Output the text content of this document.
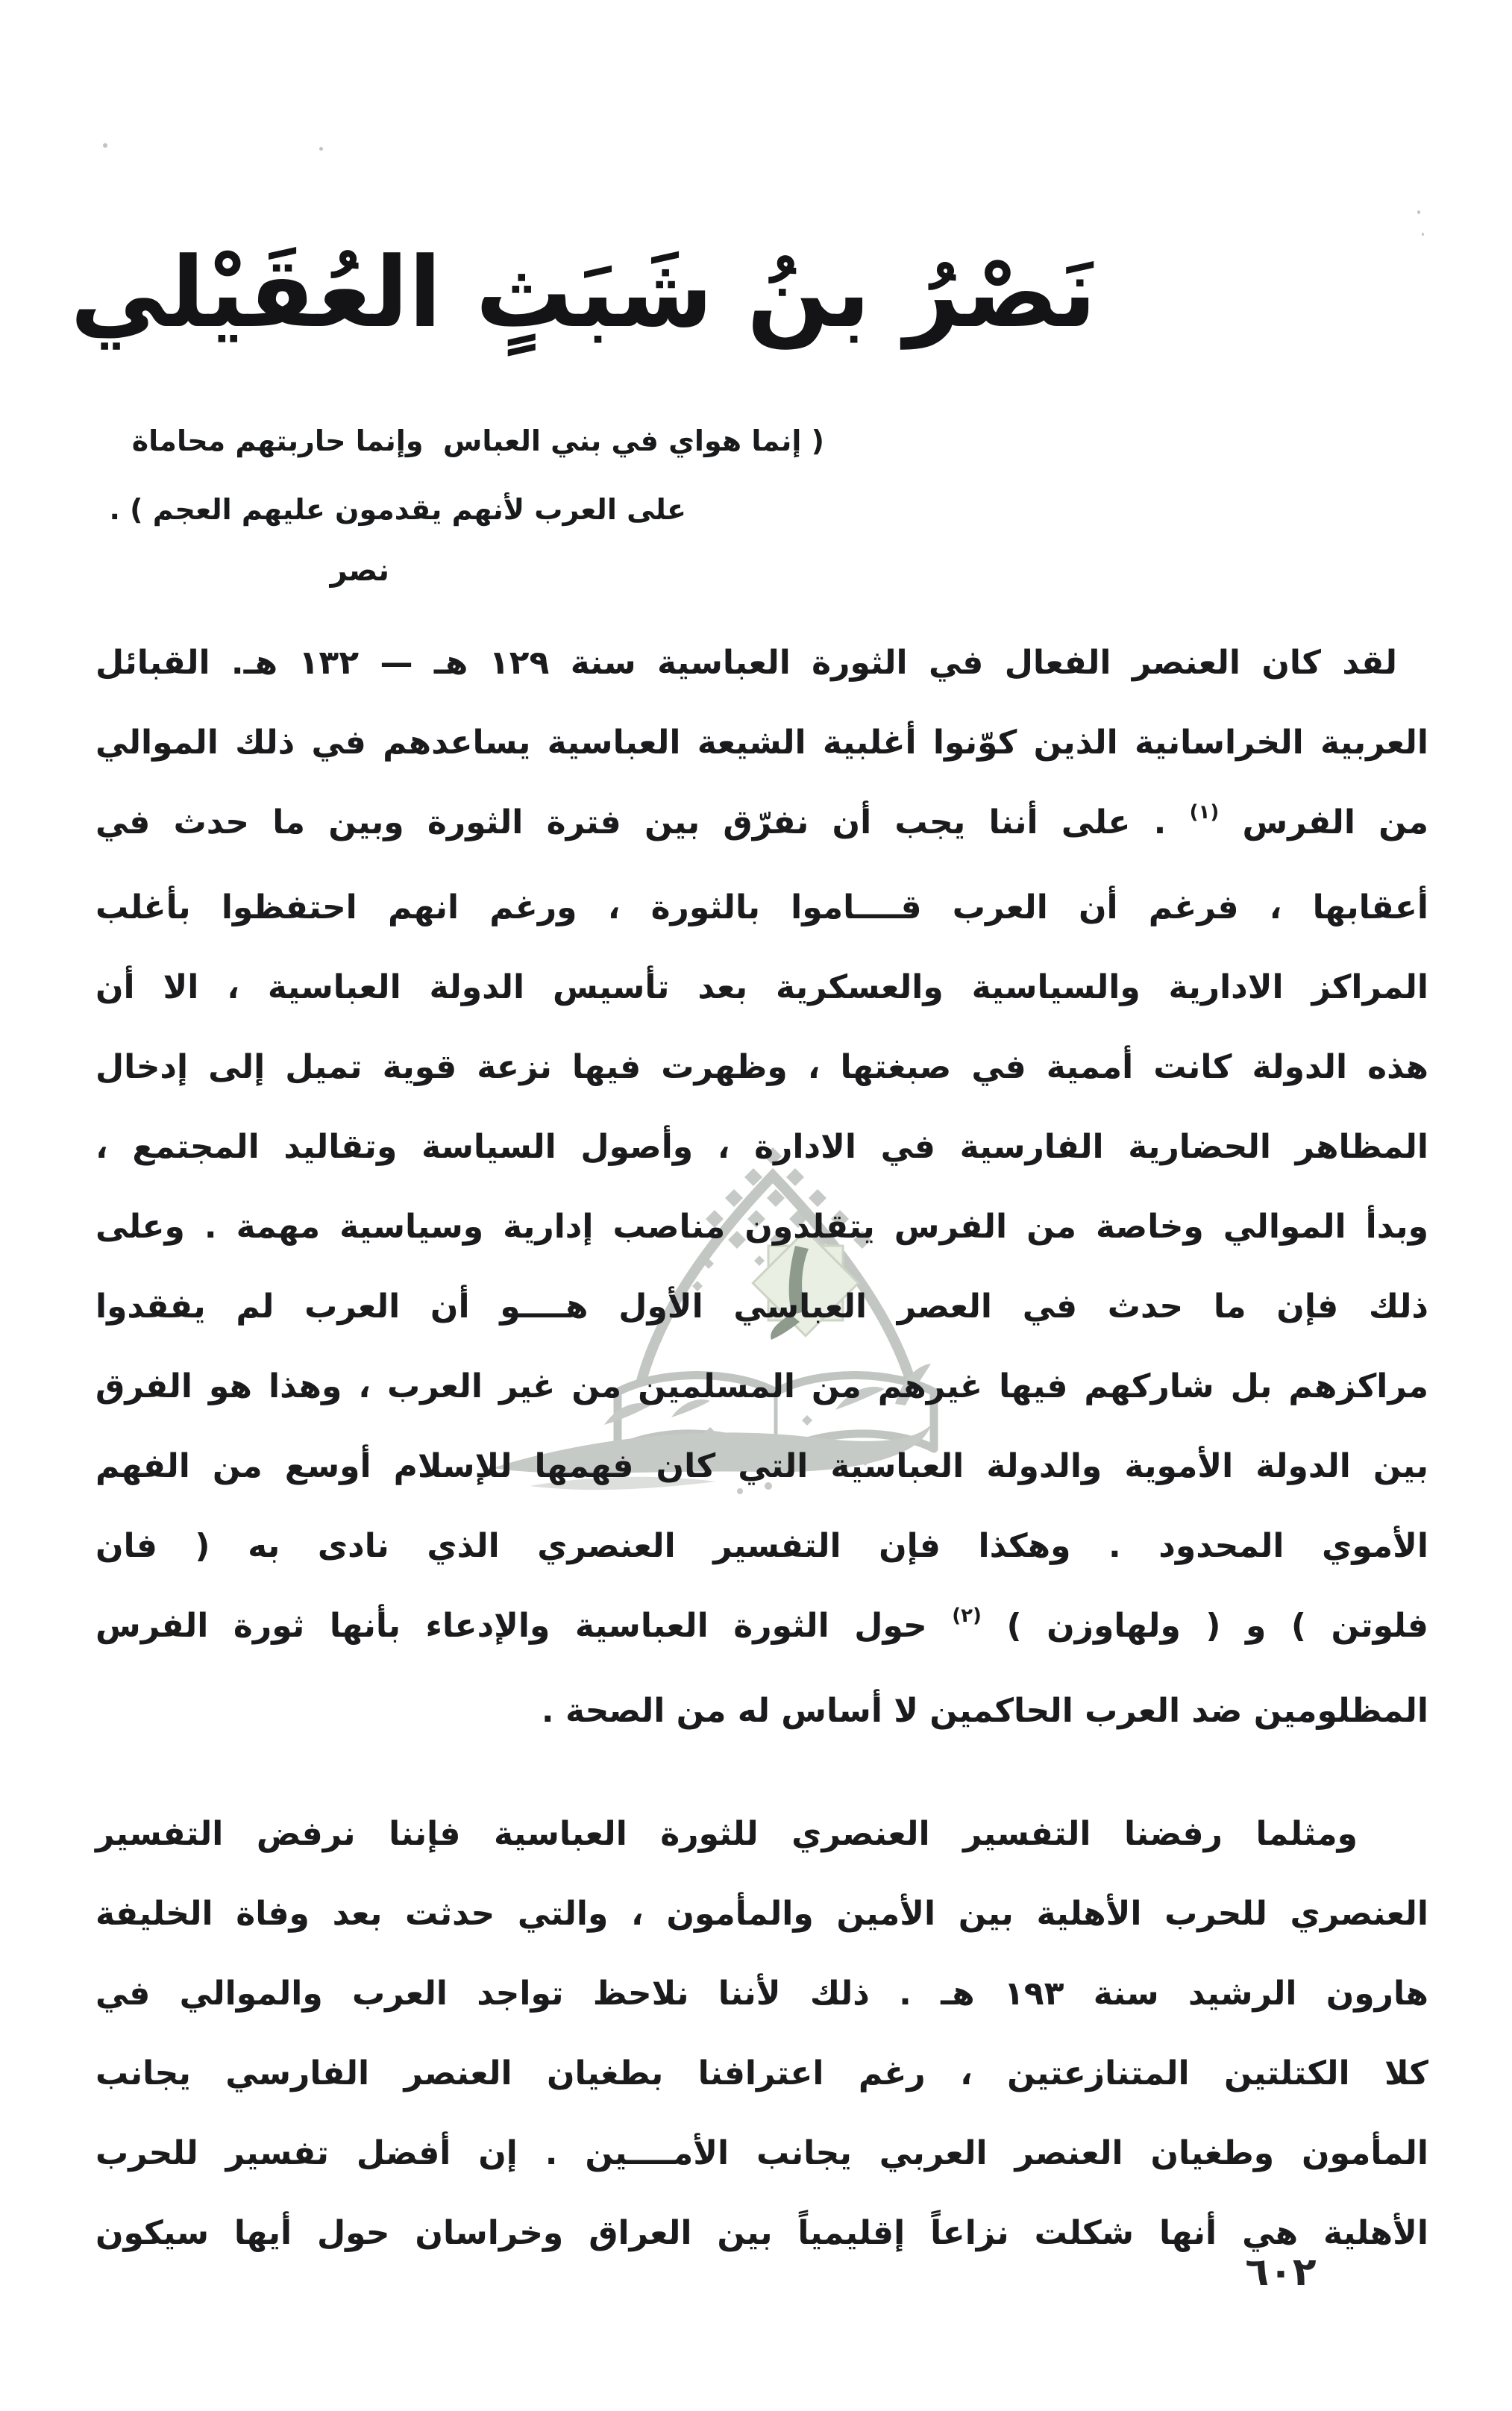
نَصْرُ بنُ شَبَثٍ العُقَيْلي
( إنما هواي في بني العباس  وإنما حاربتهم محاماة
على العرب لأنهم يقدمون عليهم العجم ) .
نصر
لقد كان العنصر الفعال في الثورة العباسية سنة ١٢٩ هـ — ١٣٢ هـ. القبائل
العربية الخراسانية الذين كوّنوا أغلبية الشيعة العباسية يساعدهم في ذلك الموالي
من الفرس $^{(١)}$ . على أننا يجب أن نفرّق بين فترة الثورة وبين ما حدث في
أعقابها ، فرغم أن العرب قــــاموا بالثورة ، ورغم انهم احتفظوا بأغلب
المراكز الادارية والسياسية والعسكرية بعد تأسيس الدولة العباسية ، الا أن
هذه الدولة كانت أممية في صبغتها ، وظهرت فيها نزعة قوية تميل إلى إدخال
المظاهر الحضارية الفارسية في الادارة ، وأصول السياسة وتقاليد المجتمع ،
وبدأ الموالي وخاصة من الفرس يتقلدون مناصب إدارية وسياسية مهمة . وعلى
ذلك فإن ما حدث في العصر العباسي الأول هــــو أن العرب لم يفقدوا
مراكزهم بل شاركهم فيها غيرهم من المسلمين من غير العرب ، وهذا هو الفرق
بين الدولة الأموية والدولة العباسية التي كان فهمها للإسلام أوسع من الفهم
الأموي المحدود . وهكذا فإن التفسير العنصري الذي نادى به ( فان
فلوتن ) و ( ولهاوزن ) $^{(٢)}$ حول الثورة العباسية والإدعاء بأنها ثورة الفرس
المظلومين ضد العرب الحاكمين لا أساس له من الصحة .
ومثلما رفضنا التفسير العنصري للثورة العباسية فإننا نرفض التفسير
العنصري للحرب الأهلية بين الأمين والمأمون ، والتي حدثت بعد وفاة الخليفة
هارون الرشيد سنة ١٩٣ هـ . ذلك لأننا نلاحظ تواجد العرب والموالي في
كلا الكتلتين المتنازعتين ، رغم اعترافنا بطغيان العنصر الفارسي يجانب
المأمون وطغيان العنصر العربي يجانب الأمــــين . إن أفضل تفسير للحرب
الأهلية هي أنها شكلت نزاعاً إقليمياً بين العراق وخراسان حول أيها سيكون
٦٠٢
